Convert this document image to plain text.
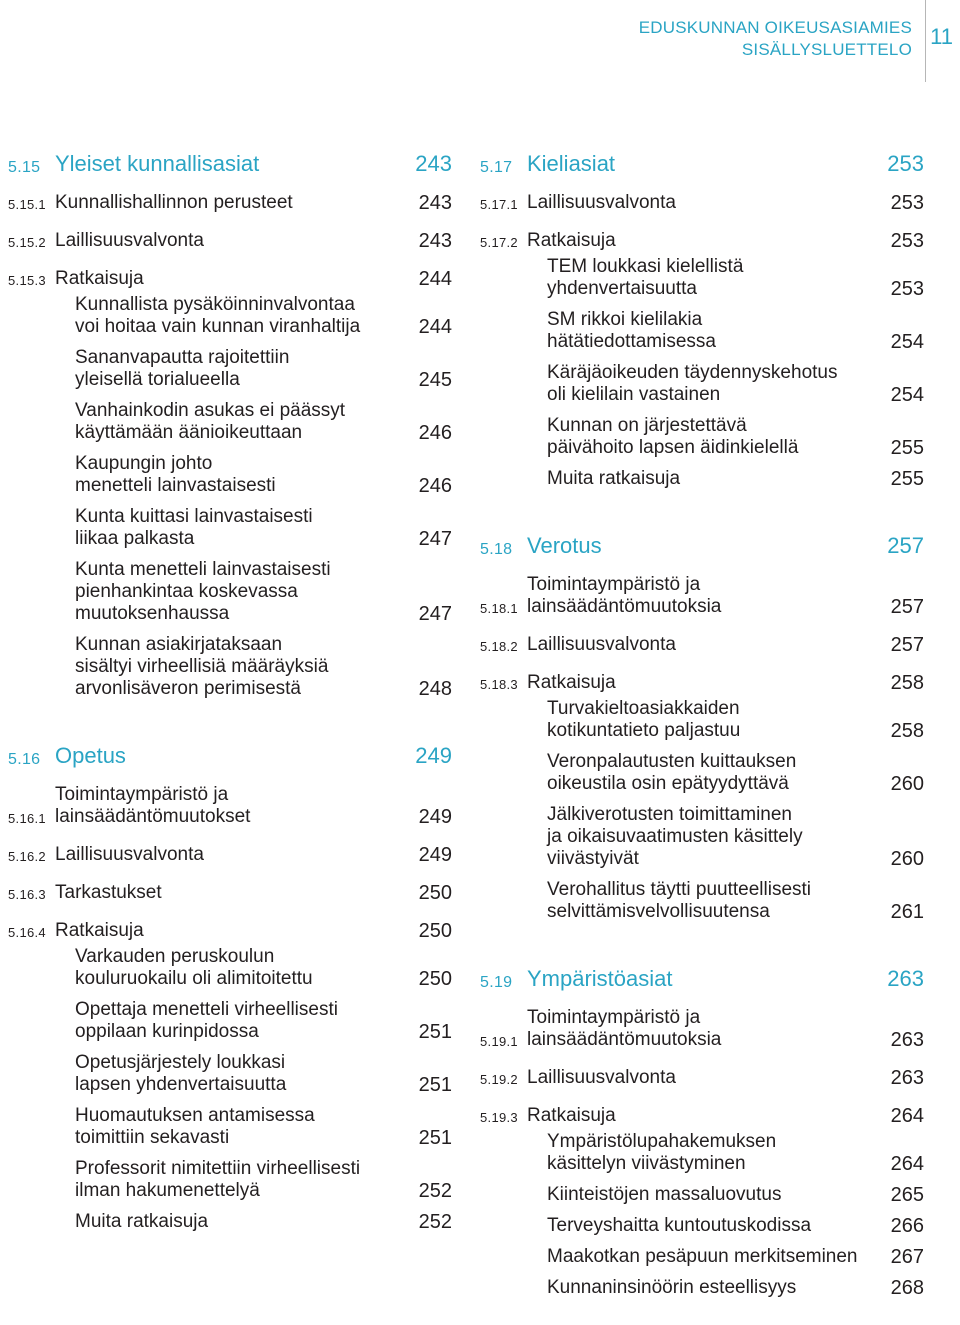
EDUSKUNNAN OIKEUSASIAMIES
SISÄLLYSLUETTELO
11
5.15 Yleiset kunnallisasiat	243
5.15.1 Kunnallishallinnon perusteet	243
5.15.2 Laillisuusvalvonta	243
5.15.3 Ratkaisuja	244
Kunnallista pysäköinninvalvontaa
voi hoitaa vain kunnan viranhaltija	244
Sananvapautta rajoitettiin
yleisellä torialueella	245
Vanhainkodin asukas ei päässyt
käyttämään äänioikeuttaan	246
Kaupungin johto
menetteli lainvastaisesti	246
Kunta kuittasi lainvastaisesti
liikaa palkasta	247
Kunta menetteli lainvastaisesti
pienhankintaa koskevassa
muutoksenhaussa	247
Kunnan asiakirjataksaan
sisältyi virheellisiä määräyksiä
arvonlisäveron perimisestä	248
5.16 Opetus	249
5.16.1
Toimintaympäristö ja
lainsäädäntömuutokset	249
5.16.2 Laillisuusvalvonta	249
5.16.3 Tarkastukset	250
5.16.4 Ratkaisuja	250
Varkauden peruskoulun
kouluruokailu oli alimitoitettu	250
Opettaja menetteli virheellisesti
oppilaan kurinpidossa	251
Opetusjärjestely loukkasi
lapsen yhdenvertaisuutta	251
Huomautuksen antamisessa
toimittiin sekavasti	251
Professorit nimitettiin virheellisesti
ilman hakumenettelyä	252
Muita ratkaisuja	252
5.17 Kieliasiat	253
5.17.1 Laillisuusvalvonta	253
5.17.2 Ratkaisuja	253
TEM loukkasi kielellistä
yhdenvertaisuutta	253
SM rikkoi kielilakia
hätätiedottamisessa	254
Käräjäoikeuden täydennyskehotus
oli kielilain vastainen	254
Kunnan on järjestettävä
päivähoito lapsen äidinkielellä	255
Muita ratkaisuja	255
5.18 Verotus	257
5.18.1
Toimintaympäristö ja
lainsäädäntömuutoksia	257
5.18.2 Laillisuusvalvonta	257
5.18.3 Ratkaisuja	258
Turvakieltoasiakkaiden
kotikuntatieto paljastuu	258
Veronpalautusten kuittauksen
oikeustila osin epätyydyttävä	260
Jälkiverotusten toimittaminen
ja oikaisuvaatimusten käsittely
viivästyivät	260
Verohallitus täytti puutteellisesti
selvittämisvelvollisuutensa	261
5.19 Ympäristöasiat	263
5.19.1
Toimintaympäristö ja
lainsäädäntömuutoksia	263
5.19.2 Laillisuusvalvonta	263
5.19.3 Ratkaisuja	264
Ympäristölupahakemuksen
käsittelyn viivästyminen	264
Kiinteistöjen massaluovutus	265
Terveyshaitta kuntoutuskodissa	266
Maakotkan pesäpuun merkitseminen 267
Kunnaninsinöörin esteellisyys	268
